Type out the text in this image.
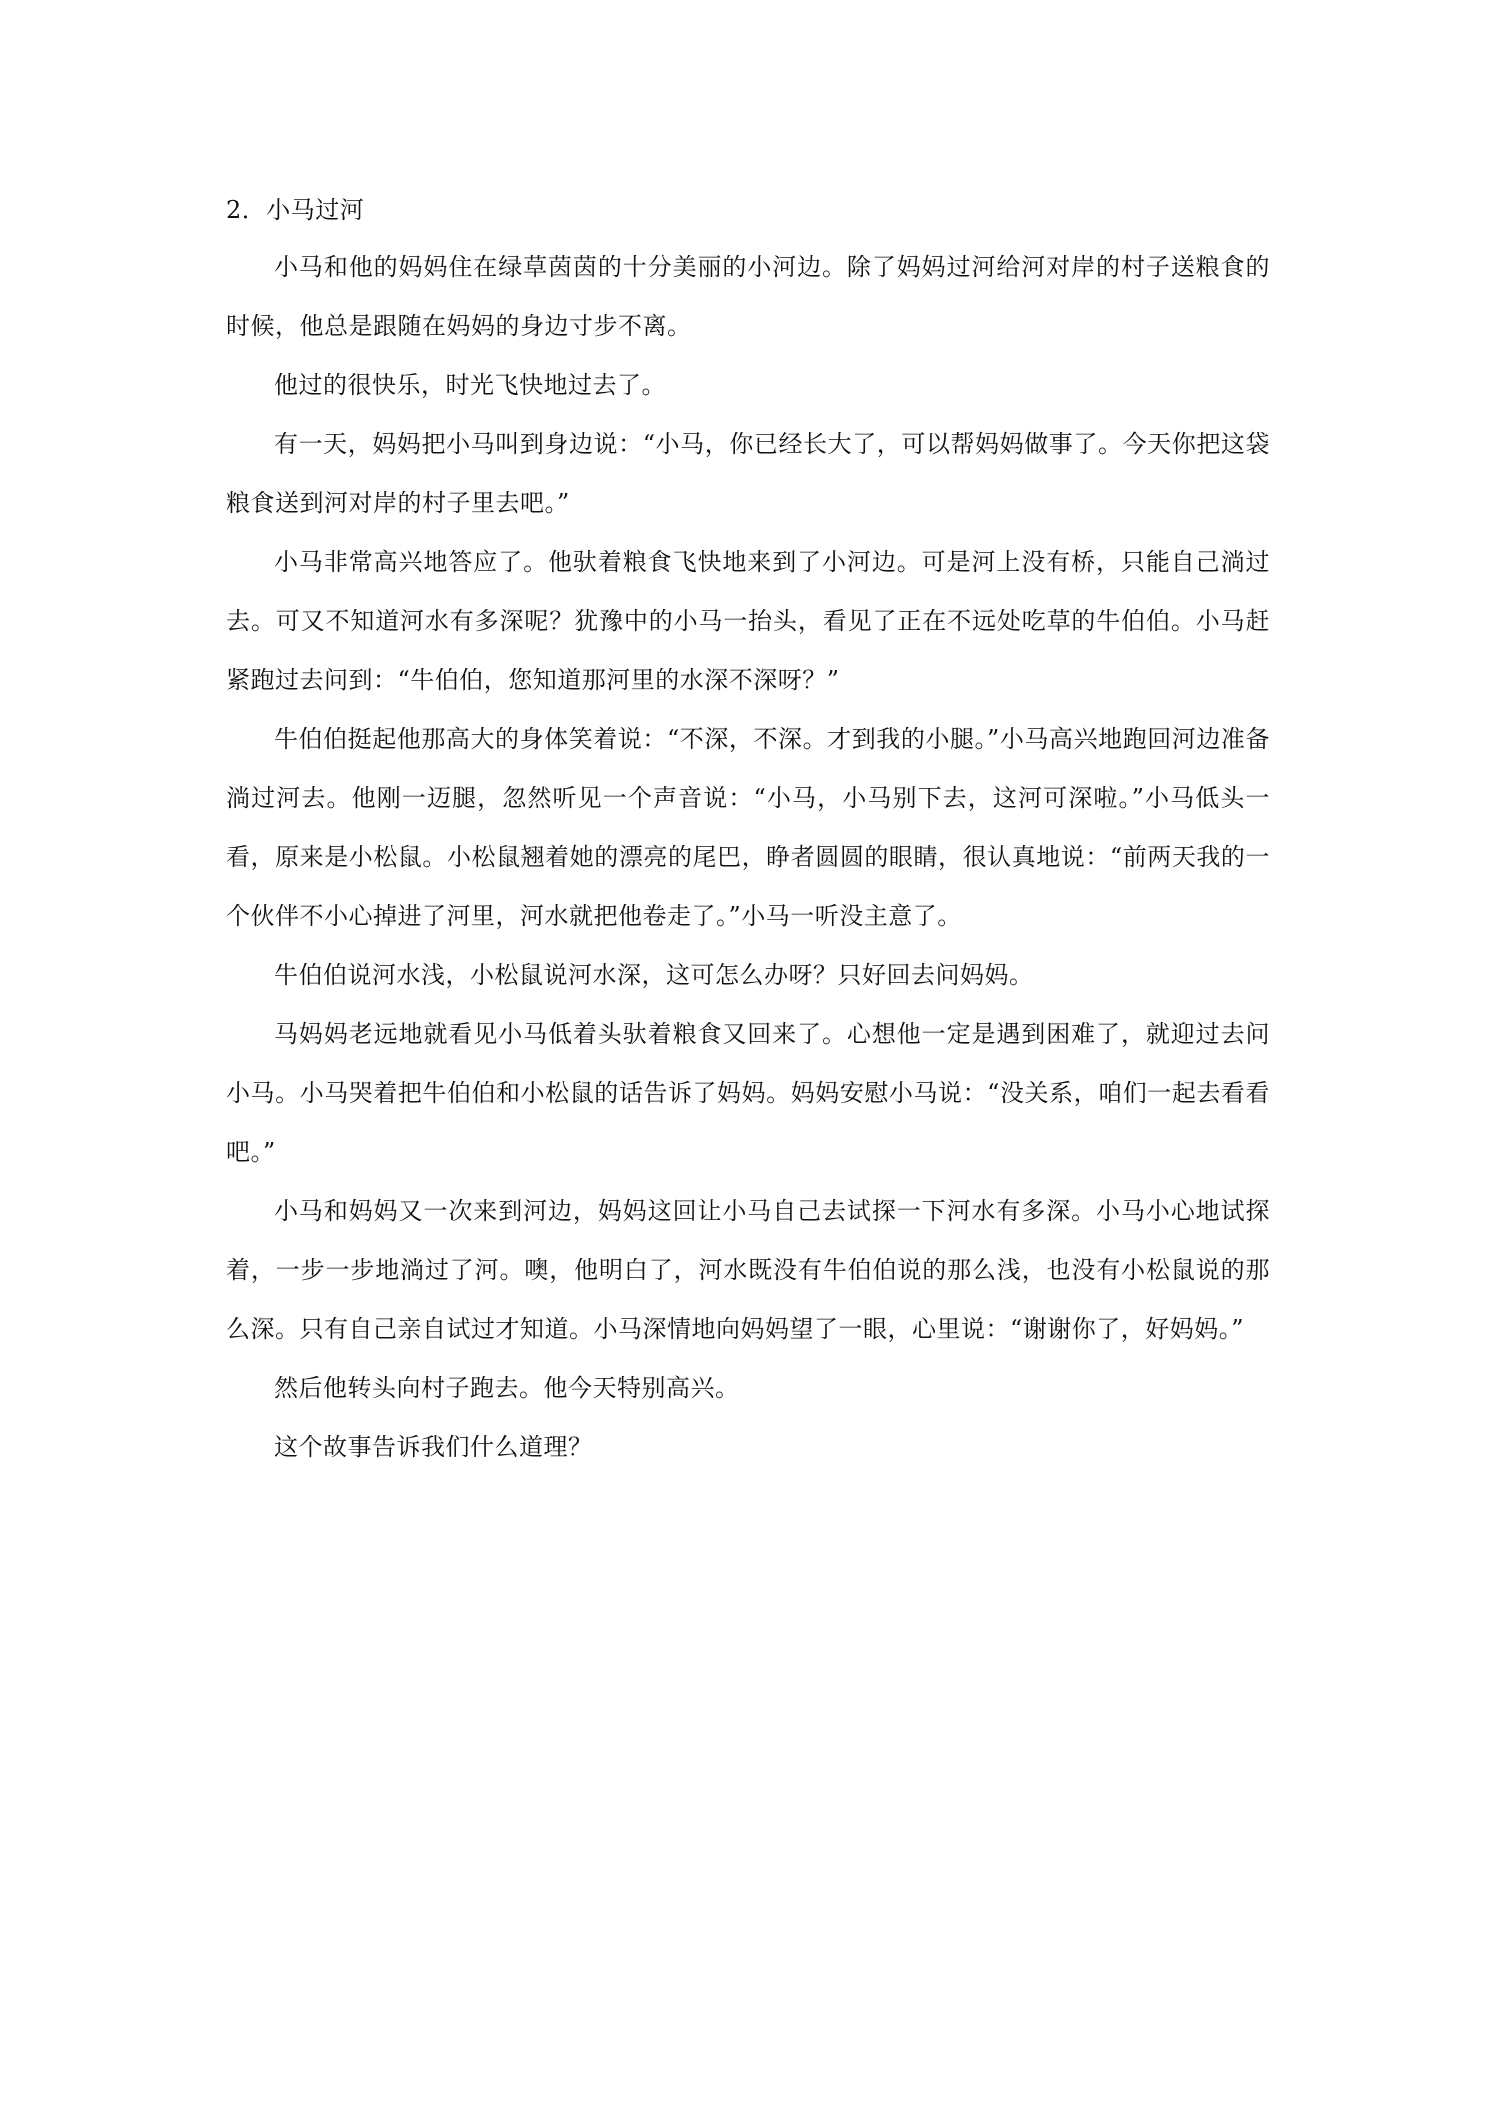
2．小马过河

小马和他的妈妈住在绿草茵茵的十分美丽的小河边。除了妈妈过河给河对岸的村子送粮食的时候，他总是跟随在妈妈的身边寸步不离。

他过的很快乐，时光飞快地过去了。

有一天，妈妈把小马叫到身边说：“小马，你已经长大了，可以帮妈妈做事了。今天你把这袋粮食送到河对岸的村子里去吧。”

小马非常高兴地答应了。他驮着粮食飞快地来到了小河边。可是河上没有桥，只能自己淌过去。可又不知道河水有多深呢？犹豫中的小马一抬头，看见了正在不远处吃草的牛伯伯。小马赶紧跑过去问到：“牛伯伯，您知道那河里的水深不深呀？”

牛伯伯挺起他那高大的身体笑着说：“不深，不深。才到我的小腿。”小马高兴地跑回河边准备淌过河去。他刚一迈腿，忽然听见一个声音说：“小马，小马别下去，这河可深啦。”小马低头一看，原来是小松鼠。小松鼠翘着她的漂亮的尾巴，睁者圆圆的眼睛，很认真地说：“前两天我的一个伙伴不小心掉进了河里，河水就把他卷走了。”小马一听没主意了。

牛伯伯说河水浅，小松鼠说河水深，这可怎么办呀？只好回去问妈妈。

马妈妈老远地就看见小马低着头驮着粮食又回来了。心想他一定是遇到困难了，就迎过去问小马。小马哭着把牛伯伯和小松鼠的话告诉了妈妈。妈妈安慰小马说：“没关系，咱们一起去看看吧。”

小马和妈妈又一次来到河边，妈妈这回让小马自己去试探一下河水有多深。小马小心地试探着，一步一步地淌过了河。噢，他明白了，河水既没有牛伯伯说的那么浅，也没有小松鼠说的那么深。只有自己亲自试过才知道。小马深情地向妈妈望了一眼，心里说：“谢谢你了，好妈妈。”

然后他转头向村子跑去。他今天特别高兴。

这个故事告诉我们什么道理？
